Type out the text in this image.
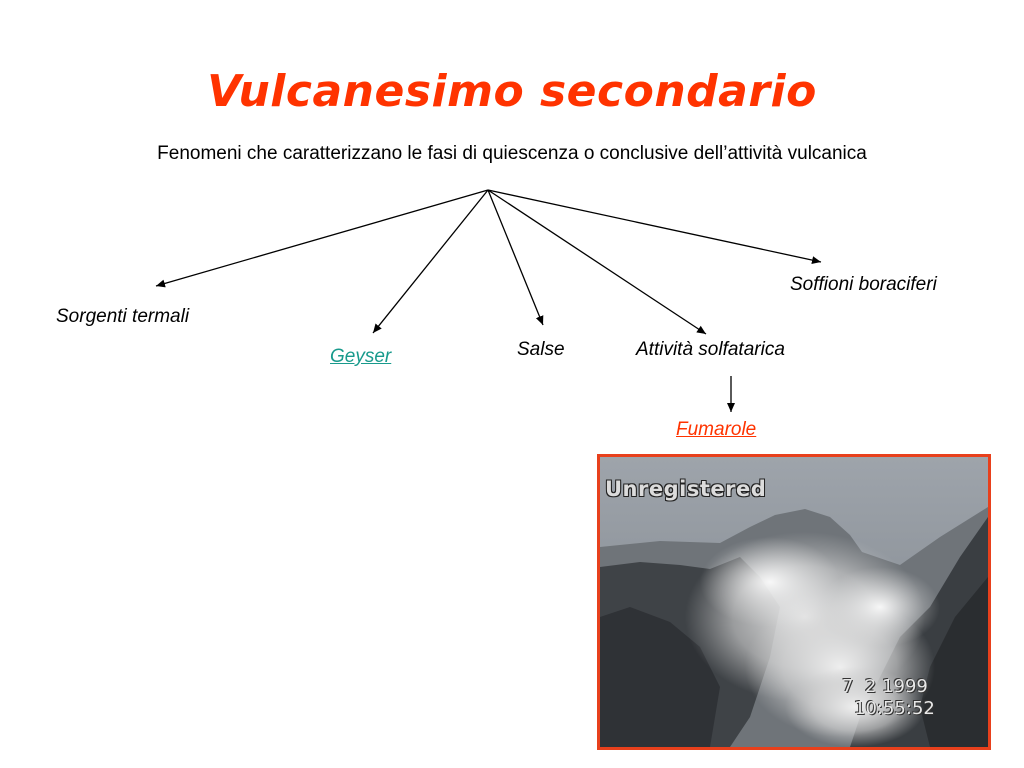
Vulcanesimo secondario
Fenomeni che caratterizzano le fasi di quiescenza o conclusive dell’attività vulcanica
Sorgenti termali
Geyser	Salse	Attività solfatarica
Soffioni boraciferi
Fumarole
Unregistered
7  2 1999
10:55:52
